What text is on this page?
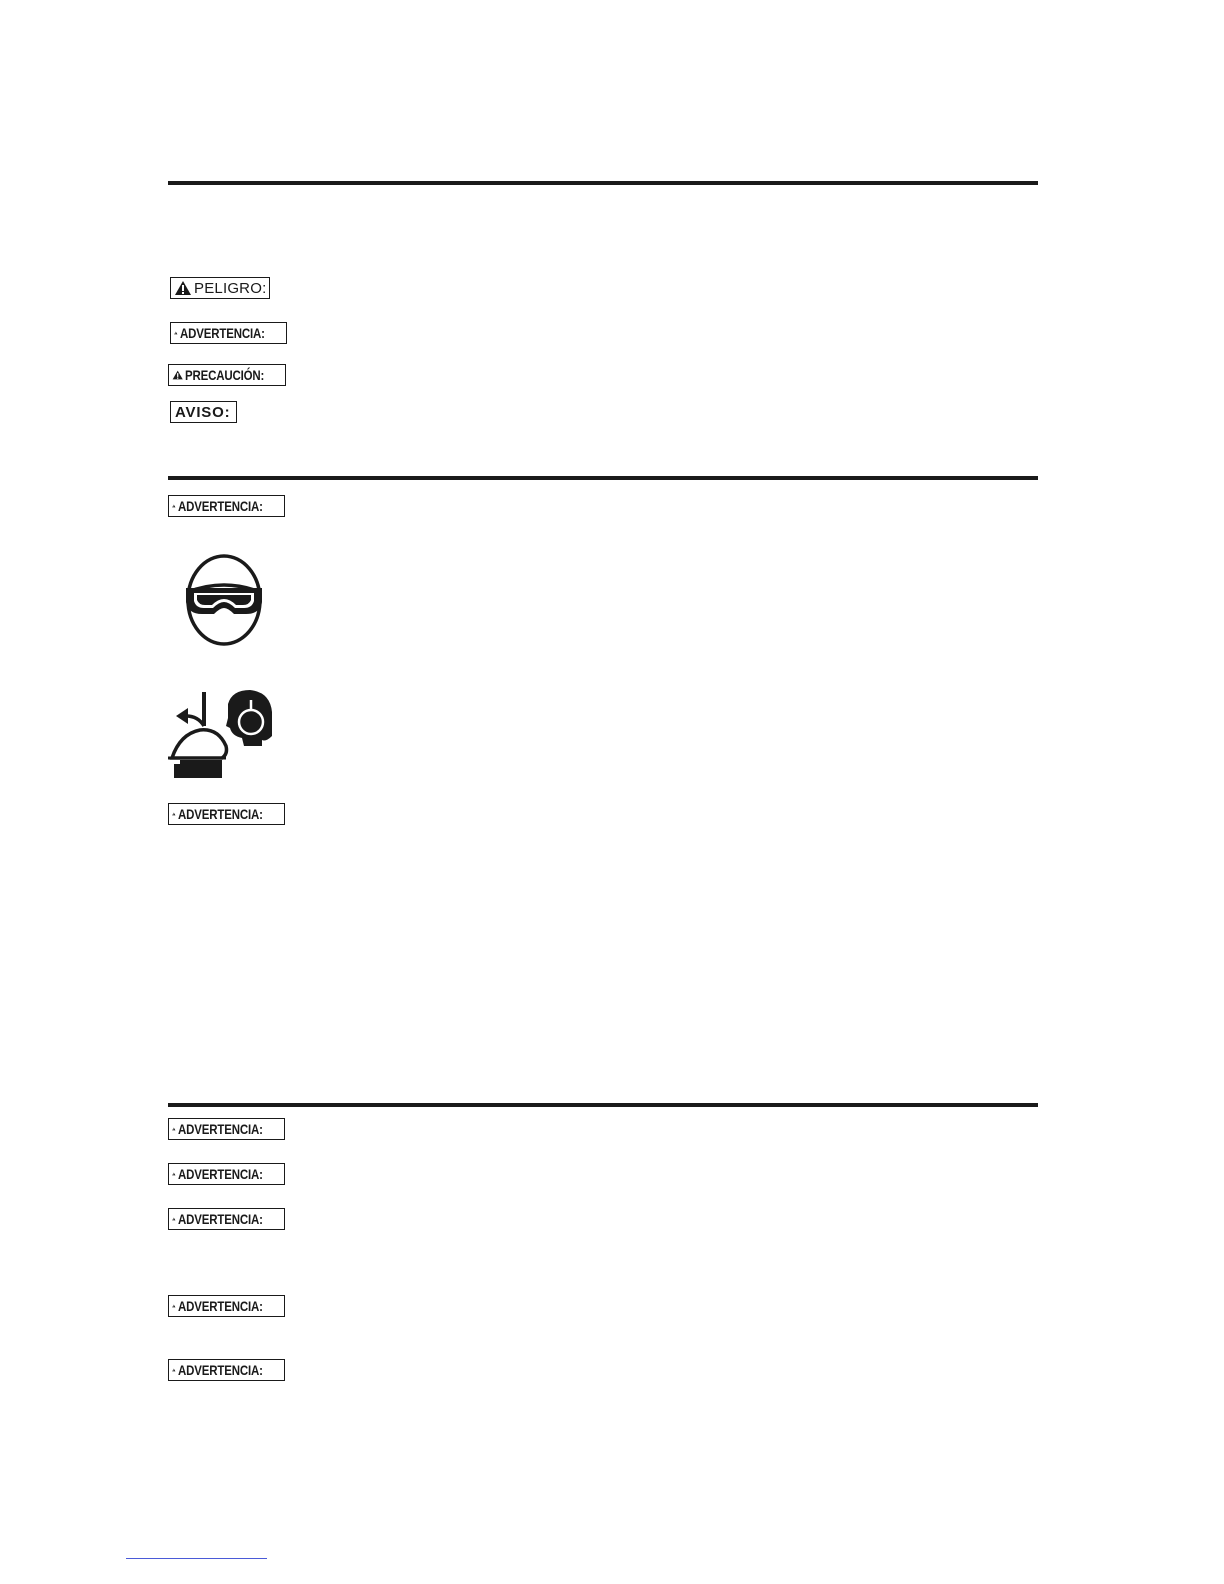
PELIGRO:
ADVERTENCIA:
PRECAUCIÓN:
AVISO:
ADVERTENCIA:
ADVERTENCIA:
ADVERTENCIA:
ADVERTENCIA:
ADVERTENCIA:
ADVERTENCIA:
ADVERTENCIA:
